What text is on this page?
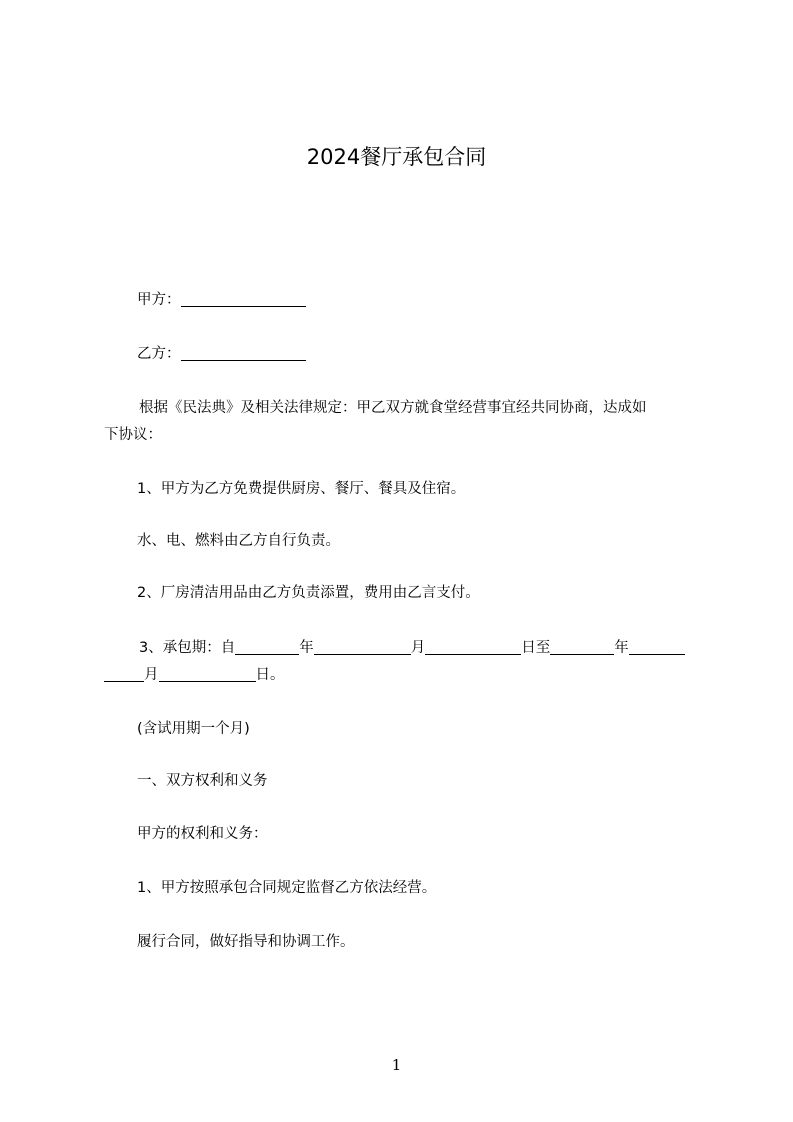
2024餐厅承包合同
甲方：
乙方：
根据《民法典》及相关法律规定：甲乙双方就食堂经营事宜经共同协商，达成如
下协议：
1、甲方为乙方免费提供厨房、餐厅、餐具及住宿。
水、电、燃料由乙方自行负责。
2、厂房清洁用品由乙方负责添置，费用由乙言支付。
3、承包期：自	年	月	日至	年
月	日。
(含试用期一个月)
一、双方权利和义务
甲方的权利和义务：
1、甲方按照承包合同规定监督乙方依法经营。
履行合同，做好指导和协调工作。
1
